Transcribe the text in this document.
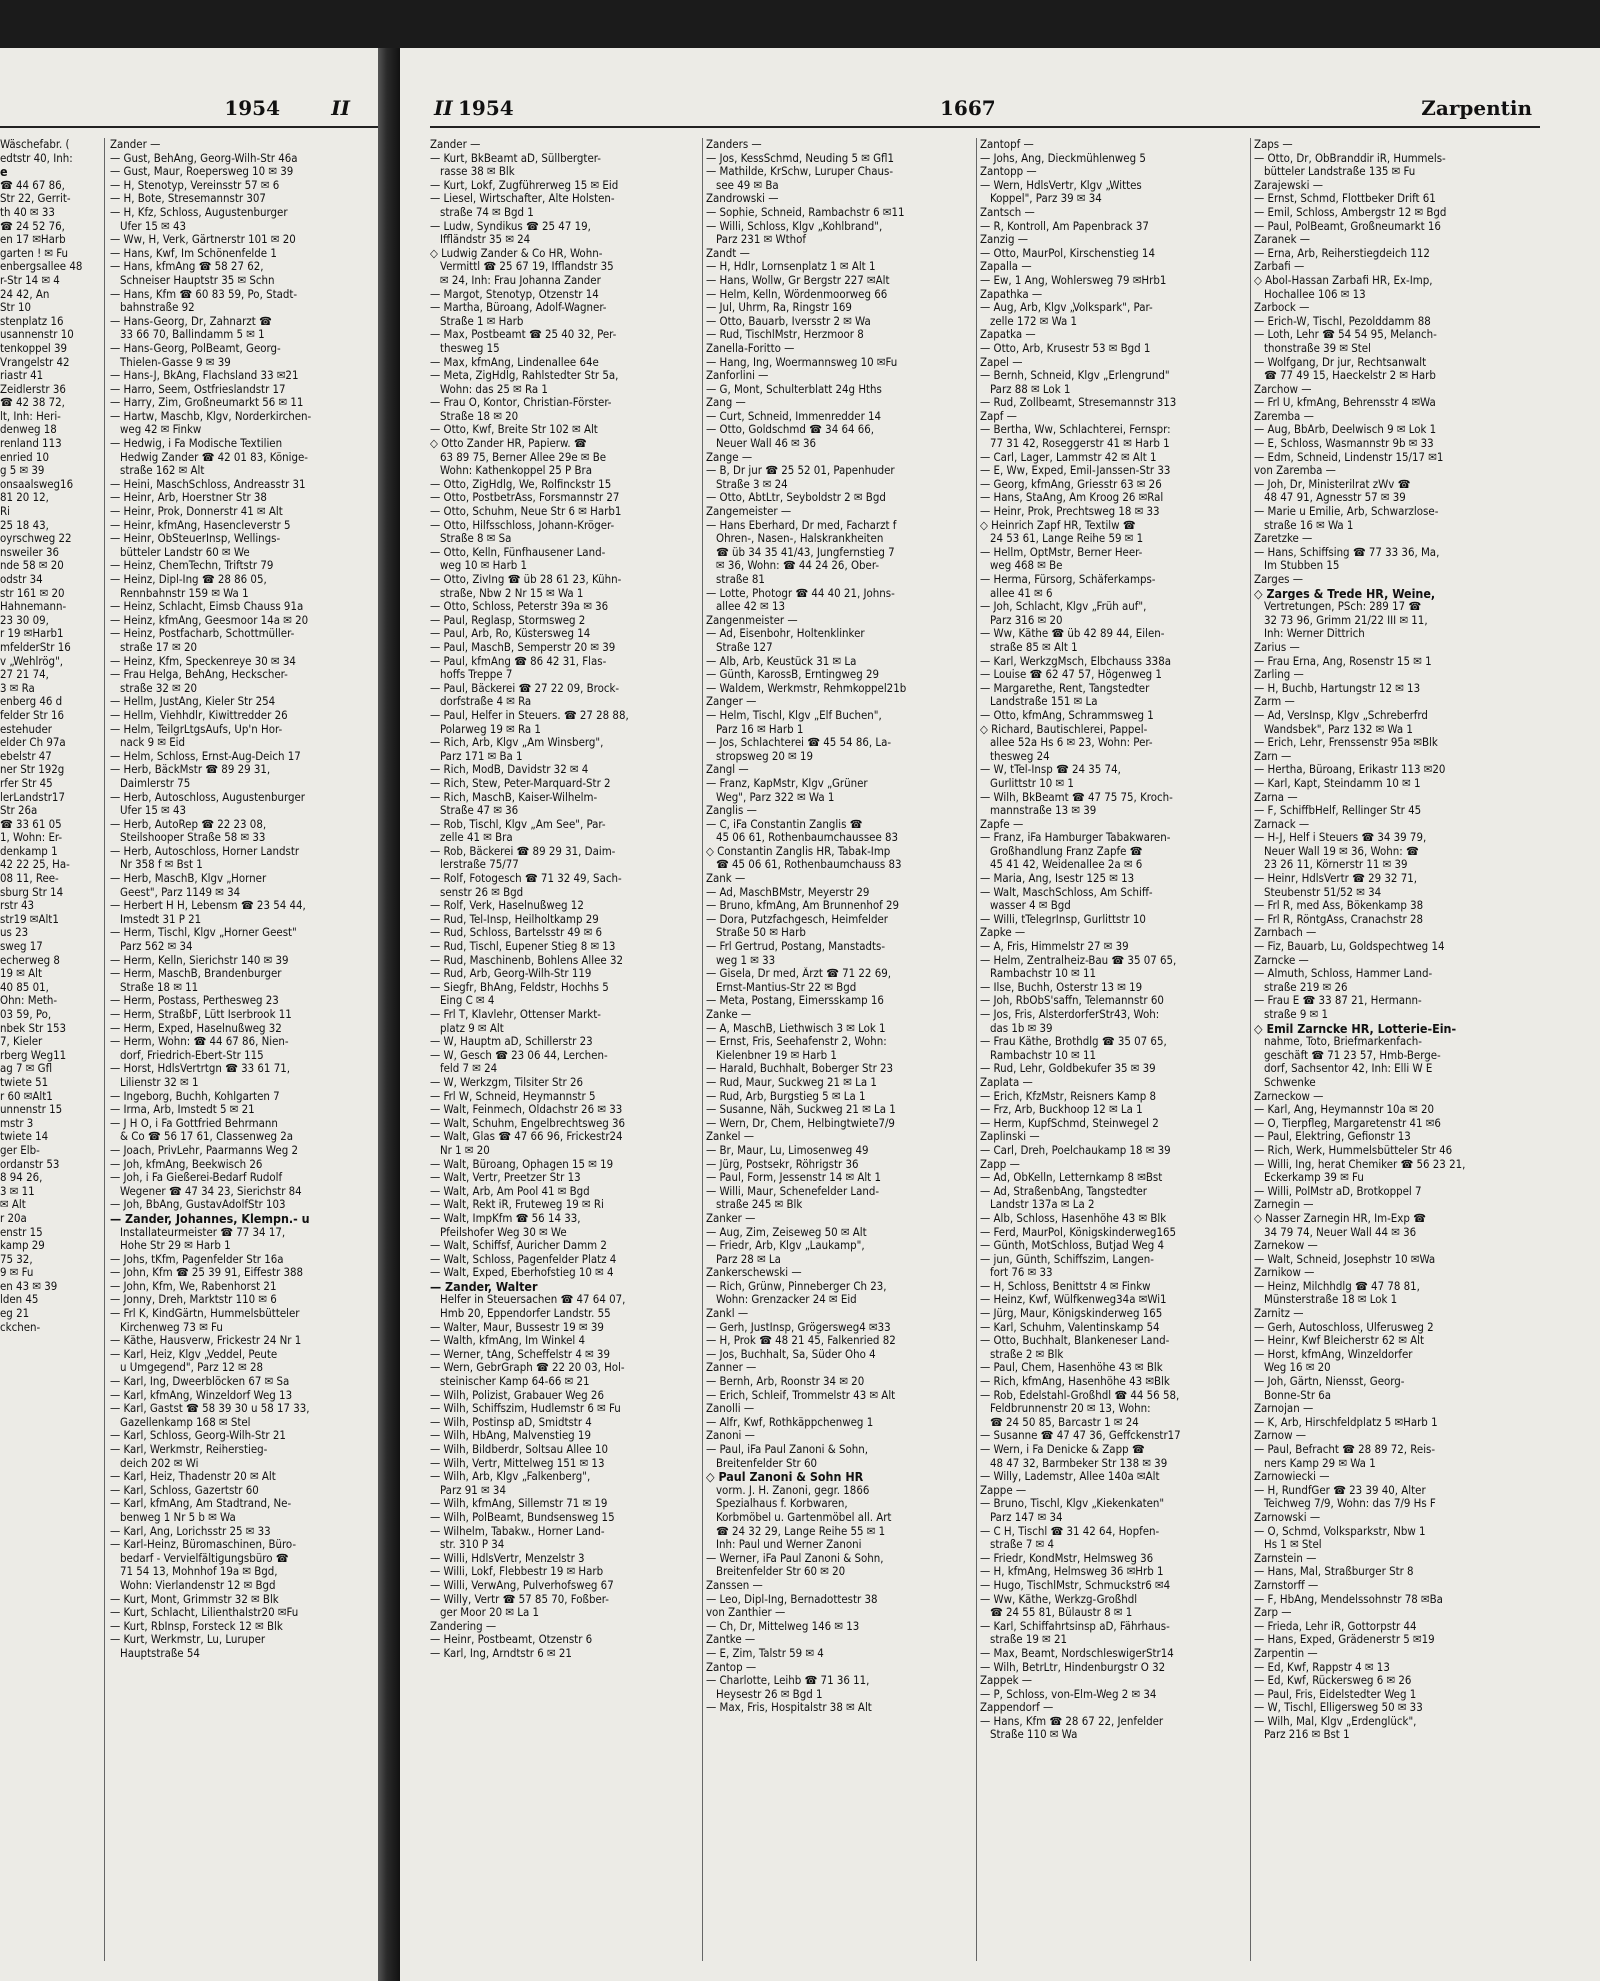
1954	II
Wäschefabr. (
edtstr 40, Inh:
e
☎ 44 67 86,
Str 22, Gerrit-
th 40 ✉ 33
☎ 24 52 76,
en 17 ✉Harb
garten ! ✉ Fu
enbergsallee 48
r-Str 14 ✉ 4
24 42, An
Str 10
stenplatz 16
usannenstr 10
tenkoppel 39
Vrangelstr 42
riastr 41
Zeidlerstr 36
☎ 42 38 72,
lt, Inh: Heri-
denweg 18
renland 113
enried 10
g 5 ✉ 39
onsaalsweg16
81 20 12,
Ri
25 18 43,
oyrschweg 22
nsweiler 36
nde 58 ✉ 20
odstr 34
str 161 ✉ 20
Hahnemann-
23 30 09,
r 19 ✉Harb1
mfelderStr 16
v „Wehlrög",
27 21 74,
3 ✉ Ra
enberg 46 d
felder Str 16
estehuder
elder Ch 97a
ebelstr 47
ner Str 192g
rfer Str 45
lerLandstr17
Str 26a
☎ 33 61 05
1, Wohn: Er-
denkamp 1
42 22 25, Ha-
08 11, Ree-
sburg Str 14
rstr 43
str19 ✉Alt1
us 23
sweg 17
echerweg 8
19 ✉ Alt
40 85 01,
Ohn: Meth-
03 59, Po,
nbek Str 153
7, Kieler
rberg Weg11
ag 7 ✉ Gfl
twiete 51
r 60 ✉Alt1
unnenstr 15
mstr 3
twiete 14
ger Elb-
ordanstr 53
8 94 26,
3 ✉ 11
✉ Alt
r 20a
enstr 15
kamp 29
75 32,
9 ✉ Fu
en 43 ✉ 39
lden 45
eg 21
ckchen-
Zander —
— Gust, BehAng, Georg-Wilh-Str 46a
— Gust, Maur, Roepersweg 10 ✉ 39
— H, Stenotyp, Vereinsstr 57 ✉ 6
— H, Bote, Stresemannstr 307
— H, Kfz, Schloss, Augustenburger
Ufer 15 ✉ 43
— Ww, H, Verk, Gärtnerstr 101 ✉ 20
— Hans, Kwf, Im Schönenfelde 1
— Hans, kfmAng ☎ 58 27 62,
Schneiser Hauptstr 35 ✉ Schn
— Hans, Kfm ☎ 60 83 59, Po, Stadt-
bahnstraße 92
— Hans-Georg, Dr, Zahnarzt ☎
33 66 70, Ballindamm 5 ✉ 1
— Hans-Georg, PolBeamt, Georg-
Thielen-Gasse 9 ✉ 39
— Hans-J, BkAng, Flachsland 33 ✉21
— Harro, Seem, Ostfrieslandstr 17
— Harry, Zim, Großneumarkt 56 ✉ 11
— Hartw, Maschb, Klgv, Norderkirchen-
weg 42 ✉ Finkw
— Hedwig, i Fa Modische Textilien
Hedwig Zander ☎ 42 01 83, Könige-
straße 162 ✉ Alt
— Heini, MaschSchloss, Andreasstr 31
— Heinr, Arb, Hoerstner Str 38
— Heinr, Prok, Donnerstr 41 ✉ Alt
— Heinr, kfmAng, Hasencleverstr 5
— Heinr, ObSteuerInsp, Wellings-
bütteler Landstr 60 ✉ We
— Heinz, ChemTechn, Triftstr 79
— Heinz, Dipl-Ing ☎ 28 86 05,
Rennbahnstr 159 ✉ Wa 1
— Heinz, Schlacht, Eimsb Chauss 91a
— Heinz, kfmAng, Geesmoor 14a ✉ 20
— Heinz, Postfacharb, Schottmüller-
straße 17 ✉ 20
— Heinz, Kfm, Speckenreye 30 ✉ 34
— Frau Helga, BehAng, Heckscher-
straße 32 ✉ 20
— Hellm, JustAng, Kieler Str 254
— Hellm, Viehhdlr, Kiwittredder 26
— Helm, TeilgrLtgsAufs, Up'n Hor-
nack 9 ✉ Eid
— Helm, Schloss, Ernst-Aug-Deich 17
— Herb, BäckMstr ☎ 89 29 31,
Daimlerstr 75
— Herb, Autoschloss, Augustenburger
Ufer 15 ✉ 43
— Herb, AutoRep ☎ 22 23 08,
Steilshooper Straße 58 ✉ 33
— Herb, Autoschloss, Horner Landstr
Nr 358 f ✉ Bst 1
— Herb, MaschB, Klgv „Horner
Geest", Parz 1149 ✉ 34
— Herbert H H, Lebensm ☎ 23 54 44,
Imstedt 31 P 21
— Herm, Tischl, Klgv „Horner Geest"
Parz 562 ✉ 34
— Herm, Kelln, Sierichstr 140 ✉ 39
— Herm, MaschB, Brandenburger
Straße 18 ✉ 11
— Herm, Postass, Perthesweg 23
— Herm, StraßbF, Lütt Iserbrook 11
— Herm, Exped, Haselnußweg 32
— Herm, Wohn: ☎ 44 67 86, Nien-
dorf, Friedrich-Ebert-Str 115
— Horst, HdlsVertrtgn ☎ 33 61 71,
Lilienstr 32 ✉ 1
— Ingeborg, Buchh, Kohlgarten 7
— Irma, Arb, Imstedt 5 ✉ 21
— J H O, i Fa Gottfried Behrmann
& Co ☎ 56 17 61, Classenweg 2a
— Joach, PrivLehr, Paarmanns Weg 2
— Joh, kfmAng, Beekwisch 26
— Joh, i Fa Gießerei-Bedarf Rudolf
Wegener ☎ 47 34 23, Sierichstr 84
— Joh, BbAng, GustavAdolfStr 103
— Zander, Johannes, Klempn.- u
Installateurmeister ☎ 77 34 17,
Hohe Str 29 ✉ Harb 1
— Johs, tKfm, Pagenfelder Str 16a
— John, Kfm ☎ 25 39 91, Eiffestr 388
— John, Kfm, We, Rabenhorst 21
— Jonny, Dreh, Marktstr 110 ✉ 6
— Frl K, KindGärtn, Hummelsbütteler
Kirchenweg 73 ✉ Fu
— Käthe, Hausverw, Frickestr 24 Nr 1
— Karl, Heiz, Klgv „Veddel, Peute
u Umgegend", Parz 12 ✉ 28
— Karl, Ing, Dweerblöcken 67 ✉ Sa
— Karl, kfmAng, Winzeldorf Weg 13
— Karl, Gastst ☎ 58 39 30 u 58 17 33,
Gazellenkamp 168 ✉ Stel
— Karl, Schloss, Georg-Wilh-Str 21
— Karl, Werkmstr, Reiherstieg-
deich 202 ✉ Wi
— Karl, Heiz, Thadenstr 20 ✉ Alt
— Karl, Schloss, Gazertstr 60
— Karl, kfmAng, Am Stadtrand, Ne-
benweg 1 Nr 5 b ✉ Wa
— Karl, Ang, Lorichsstr 25 ✉ 33
— Karl-Heinz, Büromaschinen, Büro-
bedarf - Vervielfältigungsbüro ☎
71 54 13, Mohnhof 19a ✉ Bgd,
Wohn: Vierlandenstr 12 ✉ Bgd
— Kurt, Mont, Grimmstr 32 ✉ Blk
— Kurt, Schlacht, Lilienthalstr20 ✉Fu
— Kurt, RbInsp, Forsteck 12 ✉ Blk
— Kurt, Werkmstr, Lu, Luruper
Hauptstraße 54
II 1954	1667	Zarpentin
Zander —
— Kurt, BkBeamt aD, Süllbergter-
rasse 38 ✉ Blk
— Kurt, Lokf, Zugführerweg 15 ✉ Eid
— Liesel, Wirtschafter, Alte Holsten-
straße 74 ✉ Bgd 1
— Ludw, Syndikus ☎ 25 47 19,
Iffländstr 35 ✉ 24
◇ Ludwig Zander & Co HR, Wohn-
Vermittl ☎ 25 67 19, Ifflandstr 35
✉ 24, Inh: Frau Johanna Zander
— Margot, Stenotyp, Otzenstr 14
— Martha, Büroang, Adolf-Wagner-
Straße 1 ✉ Harb
— Max, Postbeamt ☎ 25 40 32, Per-
thesweg 15
— Max, kfmAng, Lindenallee 64e
— Meta, ZigHdlg, Rahlstedter Str 5a,
Wohn: das 25 ✉ Ra 1
— Frau O, Kontor, Christian-Förster-
Straße 18 ✉ 20
— Otto, Kwf, Breite Str 102 ✉ Alt
◇ Otto Zander HR, Papierw. ☎
63 89 75, Berner Allee 29e ✉ Be
Wohn: Kathenkoppel 25 P Bra
— Otto, ZigHdlg, We, Rolfinckstr 15
— Otto, PostbetrAss, Forsmannstr 27
— Otto, Schuhm, Neue Str 6 ✉ Harb1
— Otto, Hilfsschloss, Johann-Kröger-
Straße 8 ✉ Sa
— Otto, Kelln, Fünfhausener Land-
weg 10 ✉ Harb 1
— Otto, ZivIng ☎ üb 28 61 23, Kühn-
straße, Nbw 2 Nr 15 ✉ Wa 1
— Otto, Schloss, Peterstr 39a ✉ 36
— Paul, Reglasp, Stormsweg 2
— Paul, Arb, Ro, Küstersweg 14
— Paul, MaschB, Semperstr 20 ✉ 39
— Paul, kfmAng ☎ 86 42 31, Flas-
hoffs Treppe 7
— Paul, Bäckerei ☎ 27 22 09, Brock-
dorfstraße 4 ✉ Ra
— Paul, Helfer in Steuers. ☎ 27 28 88,
Polarweg 19 ✉ Ra 1
— Rich, Arb, Klgv „Am Winsberg",
Parz 171 ✉ Ba 1
— Rich, ModB, Davidstr 32 ✉ 4
— Rich, Stew, Peter-Marquard-Str 2
— Rich, MaschB, Kaiser-Wilhelm-
Straße 47 ✉ 36
— Rob, Tischl, Klgv „Am See", Par-
zelle 41 ✉ Bra
— Rob, Bäckerei ☎ 89 29 31, Daim-
lerstraße 75/77
— Rolf, Fotogesch ☎ 71 32 49, Sach-
senstr 26 ✉ Bgd
— Rolf, Verk, Haselnußweg 12
— Rud, Tel-Insp, Heilholtkamp 29
— Rud, Schloss, Bartelsstr 49 ✉ 6
— Rud, Tischl, Eupener Stieg 8 ✉ 13
— Rud, Maschinenb, Bohlens Allee 32
— Rud, Arb, Georg-Wilh-Str 119
— Siegfr, BhAng, Feldstr, Hochhs 5
Eing C ✉ 4
— Frl T, Klavlehr, Ottenser Markt-
platz 9 ✉ Alt
— W, Hauptm aD, Schillerstr 23
— W, Gesch ☎ 23 06 44, Lerchen-
feld 7 ✉ 24
— W, Werkzgm, Tilsiter Str 26
— Frl W, Schneid, Heymannstr 5
— Walt, Feinmech, Oldachstr 26 ✉ 33
— Walt, Schuhm, Engelbrechtsweg 36
— Walt, Glas ☎ 47 66 96, Frickestr24
Nr 1 ✉ 20
— Walt, Büroang, Ophagen 15 ✉ 19
— Walt, Vertr, Preetzer Str 13
— Walt, Arb, Am Pool 41 ✉ Bgd
— Walt, Rekt iR, Fruteweg 19 ✉ Ri
— Walt, ImpKfm ☎ 56 14 33,
Pfeilshofer Weg 30 ✉ We
— Walt, Schiffsf, Auricher Damm 2
— Walt, Schloss, Pagenfelder Platz 4
— Walt, Exped, Eberhofstieg 10 ✉ 4
— Zander, Walter
Helfer in Steuersachen ☎ 47 64 07,
Hmb 20, Eppendorfer Landstr. 55
— Walter, Maur, Bussestr 19 ✉ 39
— Walth, kfmAng, Im Winkel 4
— Werner, tAng, Scheffelstr 4 ✉ 39
— Wern, GebrGraph ☎ 22 20 03, Hol-
steinischer Kamp 64-66 ✉ 21
— Wilh, Polizist, Grabauer Weg 26
— Wilh, Schiffszim, Hudlemstr 6 ✉ Fu
— Wilh, Postinsp aD, Smidtstr 4
— Wilh, HbAng, Malvenstieg 19
— Wilh, Bildberdr, Soltsau Allee 10
— Wilh, Vertr, Mittelweg 151 ✉ 13
— Wilh, Arb, Klgv „Falkenberg",
Parz 91 ✉ 34
— Wilh, kfmAng, Sillemstr 71 ✉ 19
— Wilh, PolBeamt, Bundsensweg 15
— Wilhelm, Tabakw., Horner Land-
str. 310 P 34
— Willi, HdlsVertr, Menzelstr 3
— Willi, Lokf, Flebbestr 19 ✉ Harb
— Willi, VerwAng, Pulverhofsweg 67
— Willy, Vertr ☎ 57 85 70, Foßber-
ger Moor 20 ✉ La 1
Zandering —
— Heinr, Postbeamt, Otzenstr 6
— Karl, Ing, Arndtstr 6 ✉ 21
Zanders —
— Jos, KessSchmd, Neuding 5 ✉ Gfl1
— Mathilde, KrSchw, Luruper Chaus-
see 49 ✉ Ba
Zandrowski —
— Sophie, Schneid, Rambachstr 6 ✉11
— Willi, Schloss, Klgv „Kohlbrand",
Parz 231 ✉ Wthof
Zandt —
— H, Hdlr, Lornsenplatz 1 ✉ Alt 1
— Hans, Wollw, Gr Bergstr 227 ✉Alt
— Helm, Kelln, Wördenmoorweg 66
— Jul, Uhrm, Ra, Ringstr 169
— Otto, Bauarb, Iversstr 2 ✉ Wa
— Rud, TischlMstr, Herzmoor 8
Zanella-Foritto —
— Hang, Ing, Woermannsweg 10 ✉Fu
Zanforlini —
— G, Mont, Schulterblatt 24g Hths
Zang —
— Curt, Schneid, Immenredder 14
— Otto, Goldschmd ☎ 34 64 66,
Neuer Wall 46 ✉ 36
Zange —
— B, Dr jur ☎ 25 52 01, Papenhuder
Straße 3 ✉ 24
— Otto, AbtLtr, Seyboldstr 2 ✉ Bgd
Zangemeister —
— Hans Eberhard, Dr med, Facharzt f
Ohren-, Nasen-, Halskrankheiten
☎ üb 34 35 41/43, Jungfernstieg 7
✉ 36, Wohn: ☎ 44 24 26, Ober-
straße 81
— Lotte, Photogr ☎ 44 40 21, Johns-
allee 42 ✉ 13
Zangenmeister —
— Ad, Eisenbohr, Holtenklinker
Straße 127
— Alb, Arb, Keustück 31 ✉ La
— Günth, KarossB, Erntingweg 29
— Waldem, Werkmstr, Rehmkoppel21b
Zanger —
— Helm, Tischl, Klgv „Elf Buchen",
Parz 16 ✉ Harb 1
— Jos, Schlachterei ☎ 45 54 86, La-
stropsweg 20 ✉ 19
Zangl —
— Franz, KapMstr, Klgv „Grüner
Weg", Parz 322 ✉ Wa 1
Zanglis —
— C, iFa Constantin Zanglis ☎
45 06 61, Rothenbaumchaussee 83
◇ Constantin Zanglis HR, Tabak-Imp
☎ 45 06 61, Rothenbaumchauss 83
Zank —
— Ad, MaschBMstr, Meyerstr 29
— Bruno, kfmAng, Am Brunnenhof 29
— Dora, Putzfachgesch, Heimfelder
Straße 50 ✉ Harb
— Frl Gertrud, Postang, Manstadts-
weg 1 ✉ 33
— Gisela, Dr med, Ärzt ☎ 71 22 69,
Ernst-Mantius-Str 22 ✉ Bgd
— Meta, Postang, Eimersskamp 16
Zanke —
— A, MaschB, Liethwisch 3 ✉ Lok 1
— Ernst, Fris, Seehafenstr 2, Wohn:
Kielenbner 19 ✉ Harb 1
— Harald, Buchhalt, Boberger Str 23
— Rud, Maur, Suckweg 21 ✉ La 1
— Rud, Arb, Burgstieg 5 ✉ La 1
— Susanne, Näh, Suckweg 21 ✉ La 1
— Wern, Dr, Chem, Helbingtwiete7/9
Zankel —
— Br, Maur, Lu, Limosenweg 49
— Jürg, Postsekr, Röhrigstr 36
— Paul, Form, Jessenstr 14 ✉ Alt 1
— Willi, Maur, Schenefelder Land-
straße 245 ✉ Blk
Zanker —
— Aug, Zim, Zeiseweg 50 ✉ Alt
— Friedr, Arb, Klgv „Laukamp",
Parz 28 ✉ La
Zankerschewski —
— Rich, Grünw, Pinneberger Ch 23,
Wohn: Grenzacker 24 ✉ Eid
Zankl —
— Gerh, JustInsp, Grögersweg4 ✉33
— H, Prok ☎ 48 21 45, Falkenried 82
— Jos, Buchhalt, Sa, Süder Oho 4
Zanner —
— Bernh, Arb, Roonstr 34 ✉ 20
— Erich, Schleif, Trommelstr 43 ✉ Alt
Zanolli —
— Alfr, Kwf, Rothkäppchenweg 1
Zanoni —
— Paul, iFa Paul Zanoni & Sohn,
Breitenfelder Str 60
◇ Paul Zanoni & Sohn HR
vorm. J. H. Zanoni, gegr. 1866
Spezialhaus f. Korbwaren,
Korbmöbel u. Gartenmöbel all. Art
☎ 24 32 29, Lange Reihe 55 ✉ 1
Inh: Paul und Werner Zanoni
— Werner, iFa Paul Zanoni & Sohn,
Breitenfelder Str 60 ✉ 20
Zanssen —
— Leo, Dipl-Ing, Bernadottestr 38
von Zanthier —
— Ch, Dr, Mittelweg 146 ✉ 13
Zantke —
— E, Zim, Talstr 59 ✉ 4
Zantop —
— Charlotte, Leihb ☎ 71 36 11,
Heysestr 26 ✉ Bgd 1
— Max, Fris, Hospitalstr 38 ✉ Alt
Zantopf —
— Johs, Ang, Dieckmühlenweg 5
Zantopp —
— Wern, HdlsVertr, Klgv „Wittes
Koppel", Parz 39 ✉ 34
Zantsch —
— R, Kontroll, Am Papenbrack 37
Zanzig —
— Otto, MaurPol, Kirschenstieg 14
Zapalla —
— Ew, 1 Ang, Wohlersweg 79 ✉Hrb1
Zapathka —
— Aug, Arb, Klgv „Volkspark", Par-
zelle 172 ✉ Wa 1
Zapatka —
— Otto, Arb, Krusestr 53 ✉ Bgd 1
Zapel —
— Bernh, Schneid, Klgv „Erlengrund"
Parz 88 ✉ Lok 1
— Rud, Zollbeamt, Stresemannstr 313
Zapf —
— Bertha, Ww, Schlachterei, Fernspr:
77 31 42, Roseggerstr 41 ✉ Harb 1
— Carl, Lager, Lammstr 42 ✉ Alt 1
— E, Ww, Exped, Emil-Janssen-Str 33
— Georg, kfmAng, Griesstr 63 ✉ 26
— Hans, StaAng, Am Kroog 26 ✉Ral
— Heinr, Prok, Prechtsweg 18 ✉ 33
◇ Heinrich Zapf HR, Textilw ☎
24 53 61, Lange Reihe 59 ✉ 1
— Hellm, OptMstr, Berner Heer-
weg 468 ✉ Be
— Herma, Fürsorg, Schäferkamps-
allee 41 ✉ 6
— Joh, Schlacht, Klgv „Früh auf",
Parz 316 ✉ 20
— Ww, Käthe ☎ üb 42 89 44, Eilen-
straße 85 ✉ Alt 1
— Karl, WerkzgMsch, Elbchauss 338a
— Louise ☎ 62 47 57, Högenweg 1
— Margarethe, Rent, Tangstedter
Landstraße 151 ✉ La
— Otto, kfmAng, Schrammsweg 1
◇ Richard, Bautischlerei, Pappel-
allee 52a Hs 6 ✉ 23, Wohn: Per-
thesweg 24
— W, tTel-Insp ☎ 24 35 74,
Gurlittstr 10 ✉ 1
— Wilh, BkBeamt ☎ 47 75 75, Kroch-
mannstraße 13 ✉ 39
Zapfe —
— Franz, iFa Hamburger Tabakwaren-
Großhandlung Franz Zapfe ☎
45 41 42, Weidenallee 2a ✉ 6
— Maria, Ang, Isestr 125 ✉ 13
— Walt, MaschSchloss, Am Schiff-
wasser 4 ✉ Bgd
— Willi, tTelegrInsp, Gurlittstr 10
Zapke —
— A, Fris, Himmelstr 27 ✉ 39
— Helm, Zentralheiz-Bau ☎ 35 07 65,
Rambachstr 10 ✉ 11
— Ilse, Buchh, Osterstr 13 ✉ 19
— Joh, RbObS'saffn, Telemannstr 60
— Jos, Fris, AlsterdorferStr43, Woh:
das 1b ✉ 39
— Frau Käthe, Brothdlg ☎ 35 07 65,
Rambachstr 10 ✉ 11
— Rud, Lehr, Goldbekufer 35 ✉ 39
Zaplata —
— Erich, KfzMstr, Reisners Kamp 8
— Frz, Arb, Buckhoop 12 ✉ La 1
— Herm, KupfSchmd, Steinwegel 2
Zaplinski —
— Carl, Dreh, Poelchaukamp 18 ✉ 39
Zapp —
— Ad, ObKelln, Letternkamp 8 ✉Bst
— Ad, StraßenbAng, Tangstedter
Landstr 137a ✉ La 2
— Alb, Schloss, Hasenhöhe 43 ✉ Blk
— Ferd, MaurPol, Königskinderweg165
— Günth, MotSchloss, Butjad Weg 4
— jun, Günth, Schiffszim, Langen-
fort 76 ✉ 33
— H, Schloss, Benittstr 4 ✉ Finkw
— Heinz, Kwf, Wülfkenweg34a ✉Wi1
— Jürg, Maur, Königskinderweg 165
— Karl, Schuhm, Valentinskamp 54
— Otto, Buchhalt, Blankeneser Land-
straße 2 ✉ Blk
— Paul, Chem, Hasenhöhe 43 ✉ Blk
— Rich, kfmAng, Hasenhöhe 43 ✉Blk
— Rob, Edelstahl-Großhdl ☎ 44 56 58,
Feldbrunnenstr 20 ✉ 13, Wohn:
☎ 24 50 85, Barcastr 1 ✉ 24
— Susanne ☎ 47 47 36, Geffckenstr17
— Wern, i Fa Denicke & Zapp ☎
48 47 32, Barmbeker Str 138 ✉ 39
— Willy, Lademstr, Allee 140a ✉Alt
Zappe —
— Bruno, Tischl, Klgv „Kiekenkaten"
Parz 147 ✉ 34
— C H, Tischl ☎ 31 42 64, Hopfen-
straße 7 ✉ 4
— Friedr, KondMstr, Helmsweg 36
— H, kfmAng, Helmsweg 36 ✉Hrb 1
— Hugo, TischlMstr, Schmuckstr6 ✉4
— Ww, Käthe, Werkzg-Großhdl
☎ 24 55 81, Bülaustr 8 ✉ 1
— Karl, Schiffahrtsinsp aD, Fährhaus-
straße 19 ✉ 21
— Max, Beamt, NordschleswigerStr14
— Wilh, BetrLtr, Hindenburgstr O 32
Zappek —
— P, Schloss, von-Elm-Weg 2 ✉ 34
Zappendorf —
— Hans, Kfm ☎ 28 67 22, Jenfelder
Straße 110 ✉ Wa
Zaps —
— Otto, Dr, ObBranddir iR, Hummels-
bütteler Landstraße 135 ✉ Fu
Zarajewski —
— Ernst, Schmd, Flottbeker Drift 61
— Emil, Schloss, Ambergstr 12 ✉ Bgd
— Paul, PolBeamt, Großneumarkt 16
Zaranek —
— Erna, Arb, Reiherstiegdeich 112
Zarbafi —
◇ Abol-Hassan Zarbafi HR, Ex-Imp,
Hochallee 106 ✉ 13
Zarbock —
— Erich-W, Tischl, Pezolddamm 88
— Loth, Lehr ☎ 54 54 95, Melanch-
thonstraße 39 ✉ Stel
— Wolfgang, Dr jur, Rechtsanwalt
☎ 77 49 15, Haeckelstr 2 ✉ Harb
Zarchow —
— Frl U, kfmAng, Behrensstr 4 ✉Wa
Zaremba —
— Aug, BbArb, Deelwisch 9 ✉ Lok 1
— E, Schloss, Wasmannstr 9b ✉ 33
— Edm, Schneid, Lindenstr 15/17 ✉1
von Zaremba —
— Joh, Dr, Ministerilrat zWv ☎
48 47 91, Agnesstr 57 ✉ 39
— Marie u Emilie, Arb, Schwarzlose-
straße 16 ✉ Wa 1
Zaretzke —
— Hans, Schiffsing ☎ 77 33 36, Ma,
Im Stubben 15
Zarges —
◇ Zarges & Trede HR, Weine,
Vertretungen, PSch: 289 17 ☎
32 73 96, Grimm 21/22 III ✉ 11,
Inh: Werner Dittrich
Zarius —
— Frau Erna, Ang, Rosenstr 15 ✉ 1
Zarling —
— H, Buchb, Hartungstr 12 ✉ 13
Zarm —
— Ad, VersInsp, Klgv „Schreberfrd
Wandsbek", Parz 132 ✉ Wa 1
— Erich, Lehr, Frenssenstr 95a ✉Blk
Zarn —
— Hertha, Büroang, Erikastr 113 ✉20
— Karl, Kapt, Steindamm 10 ✉ 1
Zarna —
— F, SchiffbHelf, Rellinger Str 45
Zarnack —
— H-J, Helf i Steuers ☎ 34 39 79,
Neuer Wall 19 ✉ 36, Wohn: ☎
23 26 11, Körnerstr 11 ✉ 39
— Heinr, HdlsVertr ☎ 29 32 71,
Steubenstr 51/52 ✉ 34
— Frl R, med Ass, Bökenkamp 38
— Frl R, RöntgAss, Cranachstr 28
Zarnbach —
— Fiz, Bauarb, Lu, Goldspechtweg 14
Zarncke —
— Almuth, Schloss, Hammer Land-
straße 219 ✉ 26
— Frau E ☎ 33 87 21, Hermann-
straße 9 ✉ 1
◇ Emil Zarncke HR, Lotterie-Ein-
nahme, Toto, Briefmarkenfach-
geschäft ☎ 71 23 57, Hmb-Berge-
dorf, Sachsentor 42, Inh: Elli W E
Schwenke
Zarneckow —
— Karl, Ang, Heymannstr 10a ✉ 20
— O, Tierpfleg, Margaretenstr 41 ✉6
— Paul, Elektring, Gefionstr 13
— Rich, Werk, Hummelsbütteler Str 46
— Willi, Ing, herat Chemiker ☎ 56 23 21,
Eckerkamp 39 ✉ Fu
— Willi, PolMstr aD, Brotkoppel 7
Zarnegin —
◇ Nasser Zarnegin HR, Im-Exp ☎
34 79 74, Neuer Wall 44 ✉ 36
Zarnekow —
— Walt, Schneid, Josephstr 10 ✉Wa
Zarnikow —
— Heinz, Milchhdlg ☎ 47 78 81,
Münsterstraße 18 ✉ Lok 1
Zarnitz —
— Gerh, Autoschloss, Ulferusweg 2
— Heinr, Kwf Bleicherstr 62 ✉ Alt
— Horst, kfmAng, Winzeldorfer
Weg 16 ✉ 20
— Joh, Gärtn, Niensst, Georg-
Bonne-Str 6a
Zarnojan —
— K, Arb, Hirschfeldplatz 5 ✉Harb 1
Zarnow —
— Paul, Befracht ☎ 28 89 72, Reis-
ners Kamp 29 ✉ Wa 1
Zarnowiecki —
— H, RundfGer ☎ 23 39 40, Alter
Teichweg 7/9, Wohn: das 7/9 Hs F
Zarnowski —
— O, Schmd, Volksparkstr, Nbw 1
Hs 1 ✉ Stel
Zarnstein —
— Hans, Mal, Straßburger Str 8
Zarnstorff —
— F, HbAng, Mendelssohnstr 78 ✉Ba
Zarp —
— Frieda, Lehr iR, Gottorpstr 44
— Hans, Exped, Grädenerstr 5 ✉19
Zarpentin —
— Ed, Kwf, Rappstr 4 ✉ 13
— Ed, Kwf, Rückersweg 6 ✉ 26
— Paul, Fris, Eidelstedter Weg 1
— W, Tischl, Elligersweg 50 ✉ 33
— Wilh, Mal, Klgv „Erdenglück",
Parz 216 ✉ Bst 1
